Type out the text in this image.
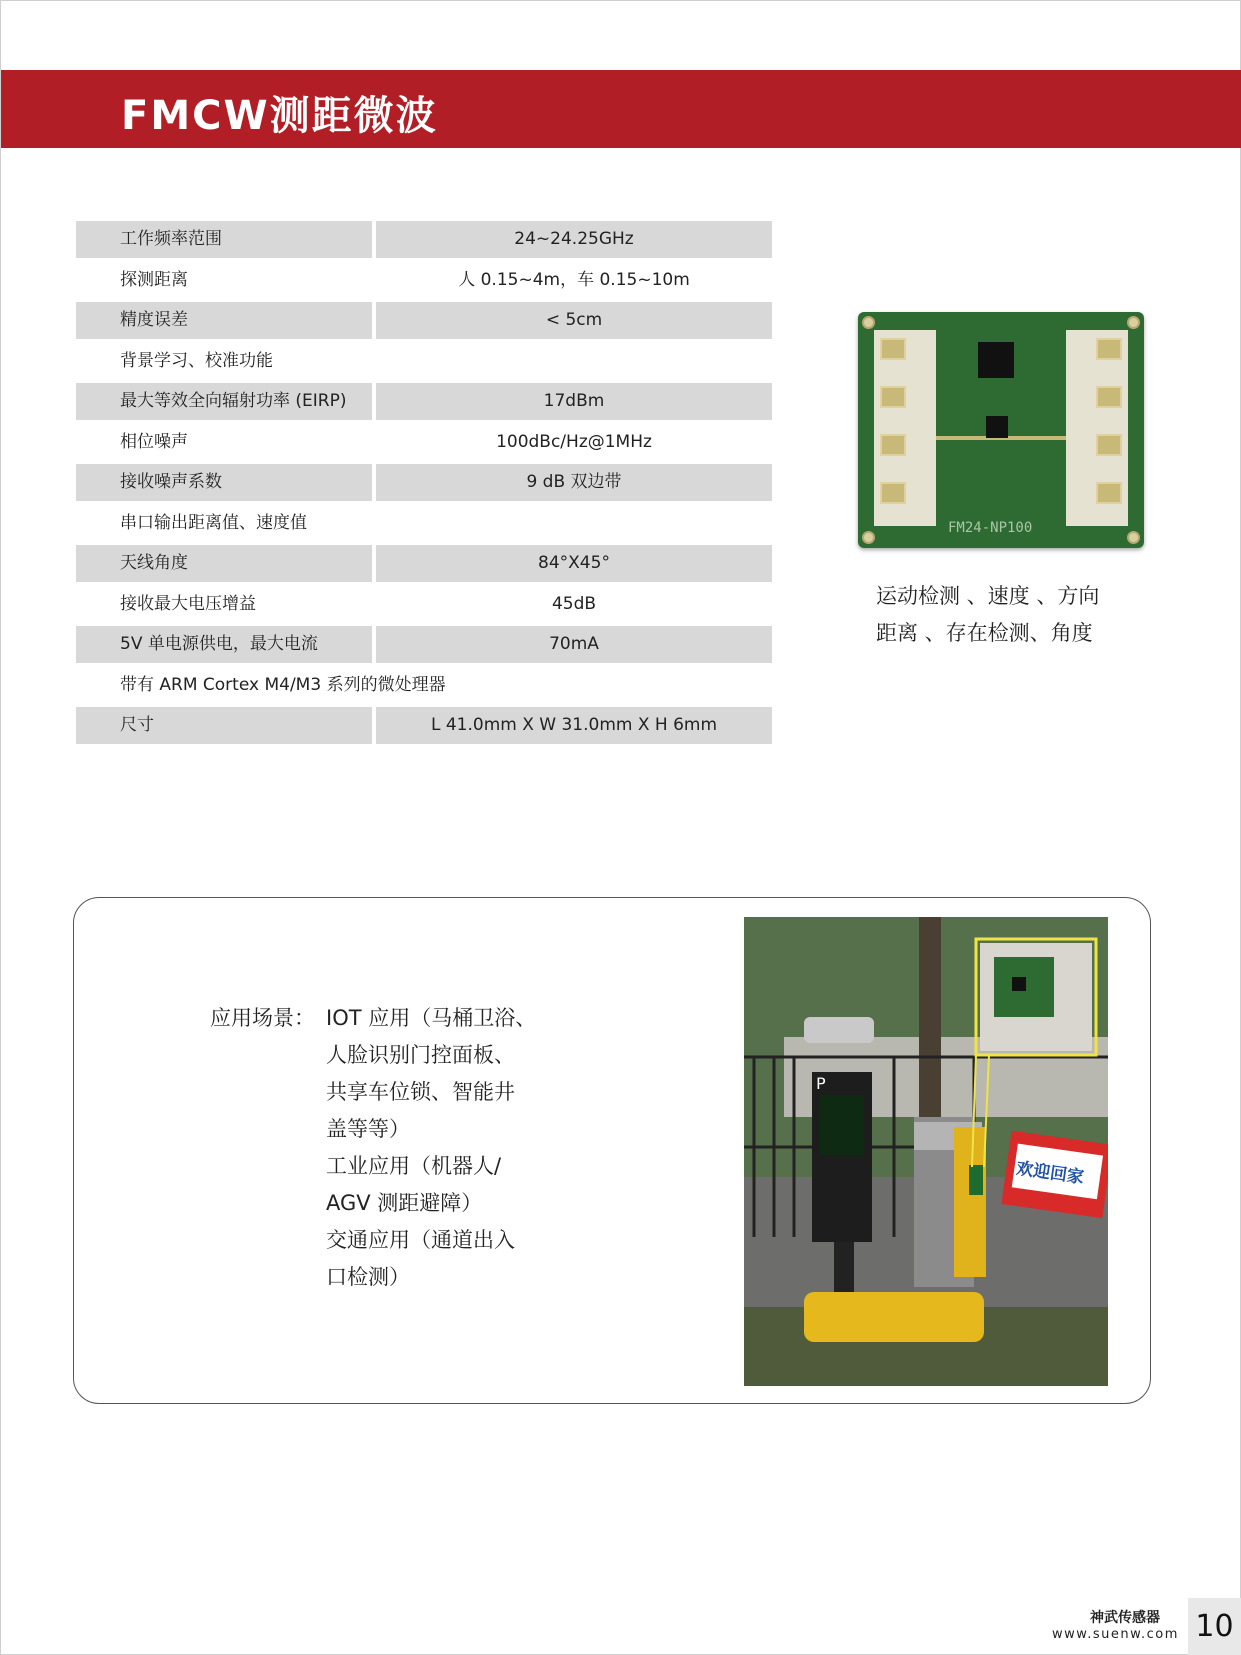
FMCW测距微波
工作频率范围	24~24.25GHz
探测距离	人 0.15~4m，车 0.15~10m
精度误差	< 5cm
背景学习、校准功能
最大等效全向辐射功率 (EIRP)	17dBm
相位噪声	100dBc/Hz@1MHz
接收噪声系数	9 dB 双边带
串口输出距离值、速度值
天线角度	84°X45°
接收最大电压增益	45dB
5V 单电源供电，最大电流	70mA
带有 ARM Cortex M4/M3 系列的微处理器
尺寸	L 41.0mm X W 31.0mm X H 6mm
FM24-NP100
运动检测 、速度 、方向
距离 、存在检测、角度
应用场景： IOT 应用（马桶卫浴、
人脸识别门控面板、
共享车位锁、智能井
盖等等）
工业应用（机器人/
AGV 测距避障）
交通应用（通道出入
口检测）
P
欢迎回家
神武传感器
www.suenw.com 10
